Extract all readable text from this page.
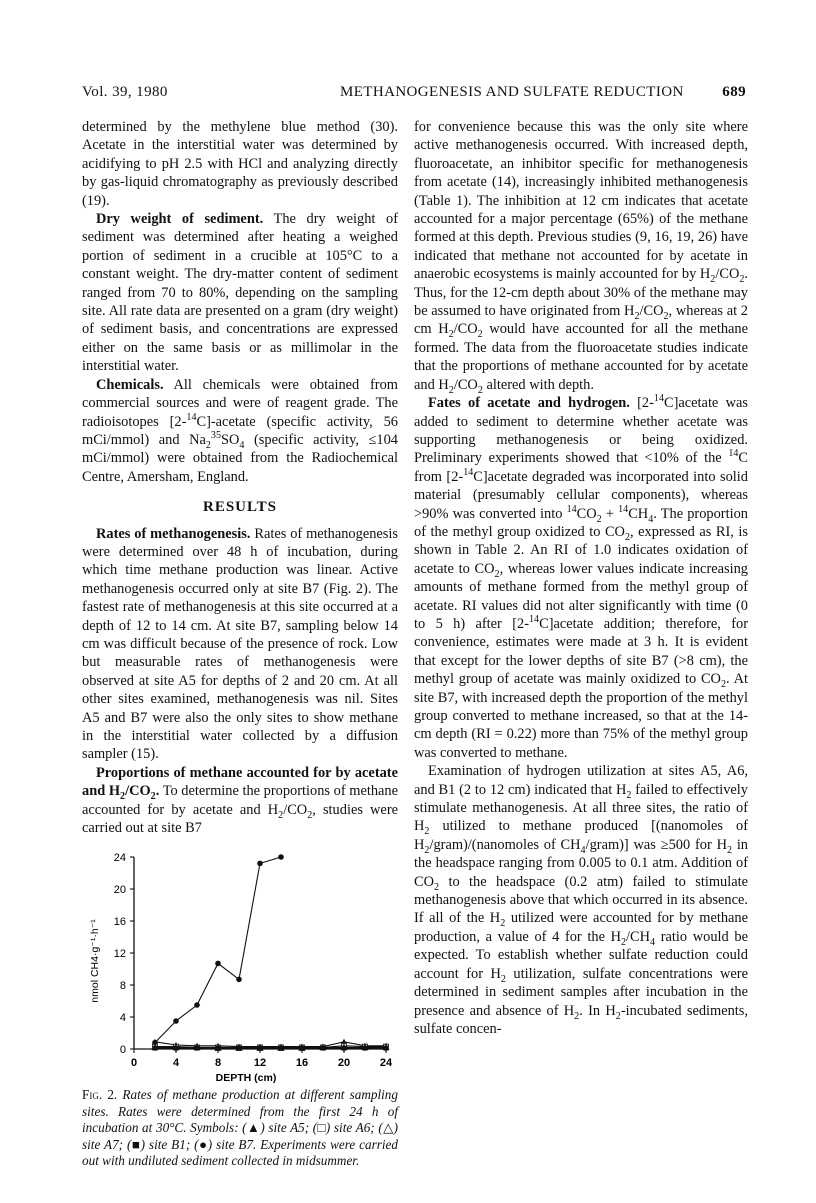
Vol. 39, 1980	METHANOGENESIS AND SULFATE REDUCTION	689

determined by the methylene blue method (30). Acetate in the interstitial water was determined by acidifying to pH 2.5 with HCl and analyzing directly by gas-liquid chromatography as previously described (19).

Dry weight of sediment. The dry weight of sediment was determined after heating a weighed portion of sediment in a crucible at 105°C to a constant weight. The dry-matter content of sediment ranged from 70 to 80%, depending on the sampling site. All rate data are presented on a gram (dry weight) of sediment basis, and concentrations are expressed either on the same basis or as millimolar in the interstitial water.

Chemicals. All chemicals were obtained from commercial sources and were of reagent grade. The radioisotopes [2-$^{14}$C]-acetate (specific activity, 56 mCi/mmol) and $Na_2^{35}SO_4$ (specific activity, ≤104 mCi/mmol) were obtained from the Radiochemical Centre, Amersham, England.

RESULTS

Rates of methanogenesis. Rates of methanogenesis were determined over 48 h of incubation, during which time methane production was linear. Active methanogenesis occurred only at site B7 (Fig. 2). The fastest rate of methanogenesis at this site occurred at a depth of 12 to 14 cm. At site B7, sampling below 14 cm was difficult because of the presence of rock. Low but measurable rates of methanogenesis were observed at site A5 for depths of 2 and 20 cm. At all other sites examined, methanogenesis was nil. Sites A5 and B7 were also the only sites to show methane in the interstitial water collected by a diffusion sampler (15).

Proportions of methane accounted for by acetate and $H_2/CO_2$. To determine the proportions of methane accounted for by acetate and $H_2/CO_2$, studies were carried out at site B7

0
4
8
12
16
20
24
0	4	8	12	16	20	24
nmol CH4·g⁻¹·h⁻¹
DEPTH (cm)
Fig. 2. Rates of methane production at different sampling sites. Rates were determined from the first 24 h of incubation at 30°C. Symbols: (▲) site A5; (□) site A6; (△) site A7; (■) site B1; (●) site B7. Experiments were carried out with undiluted sediment collected in midsummer.

for convenience because this was the only site where active methanogenesis occurred. With increased depth, fluoroacetate, an inhibitor specific for methanogenesis from acetate (14), increasingly inhibited methanogenesis (Table 1). The inhibition at 12 cm indicates that acetate accounted for a major percentage (65%) of the methane formed at this depth. Previous studies (9, 16, 19, 26) have indicated that methane not accounted for by acetate in anaerobic ecosystems is mainly accounted for by $H_2/CO_2$. Thus, for the 12-cm depth about 30% of the methane may be assumed to have originated from $H_2/CO_2$, whereas at 2 cm $H_2/CO_2$ would have accounted for all the methane formed. The data from the fluoroacetate studies indicate that the proportions of methane accounted for by acetate and $H_2/CO_2$ altered with depth.

Fates of acetate and hydrogen. [2-$^{14}$C]acetate was added to sediment to determine whether acetate was supporting methanogenesis or being oxidized. Preliminary experiments showed that <10% of the $^{14}$C from [2-$^{14}$C]acetate degraded was incorporated into solid material (presumably cellular components), whereas >90% was converted into $^{14}CO_2 + ^{14}CH_4$. The proportion of the methyl group oxidized to $CO_2$, expressed as RI, is shown in Table 2. An RI of 1.0 indicates oxidation of acetate to $CO_2$, whereas lower values indicate increasing amounts of methane formed from the methyl group of acetate. RI values did not alter significantly with time (0 to 5 h) after [2-$^{14}$C]acetate addition; therefore, for convenience, estimates were made at 3 h. It is evident that except for the lower depths of site B7 (>8 cm), the methyl group of acetate was mainly oxidized to $CO_2$. At site B7, with increased depth the proportion of the methyl group converted to methane increased, so that at the 14-cm depth (RI = 0.22) more than 75% of the methyl group was converted to methane.

Examination of hydrogen utilization at sites A5, A6, and B1 (2 to 12 cm) indicated that $H_2$ failed to effectively stimulate methanogenesis. At all three sites, the ratio of $H_2$ utilized to methane produced [(nanomoles of $H_2/gram)/(nanomoles$ of $CH_4/gram$)] was ≥500 for $H_2$ in the headspace ranging from 0.005 to 0.1 atm. Addition of $CO_2$ to the headspace (0.2 atm) failed to stimulate methanogenesis above that which occurred in its absence. If all of the $H_2$ utilized were accounted for by methane production, a value of 4 for the $H_2/CH_4$ ratio would be expected. To establish whether sulfate reduction could account for $H_2$ utilization, sulfate concentrations were determined in sediment samples after incubation in the presence and absence of $H_2$. In $H_2$-incubated sediments, sulfate concen-
